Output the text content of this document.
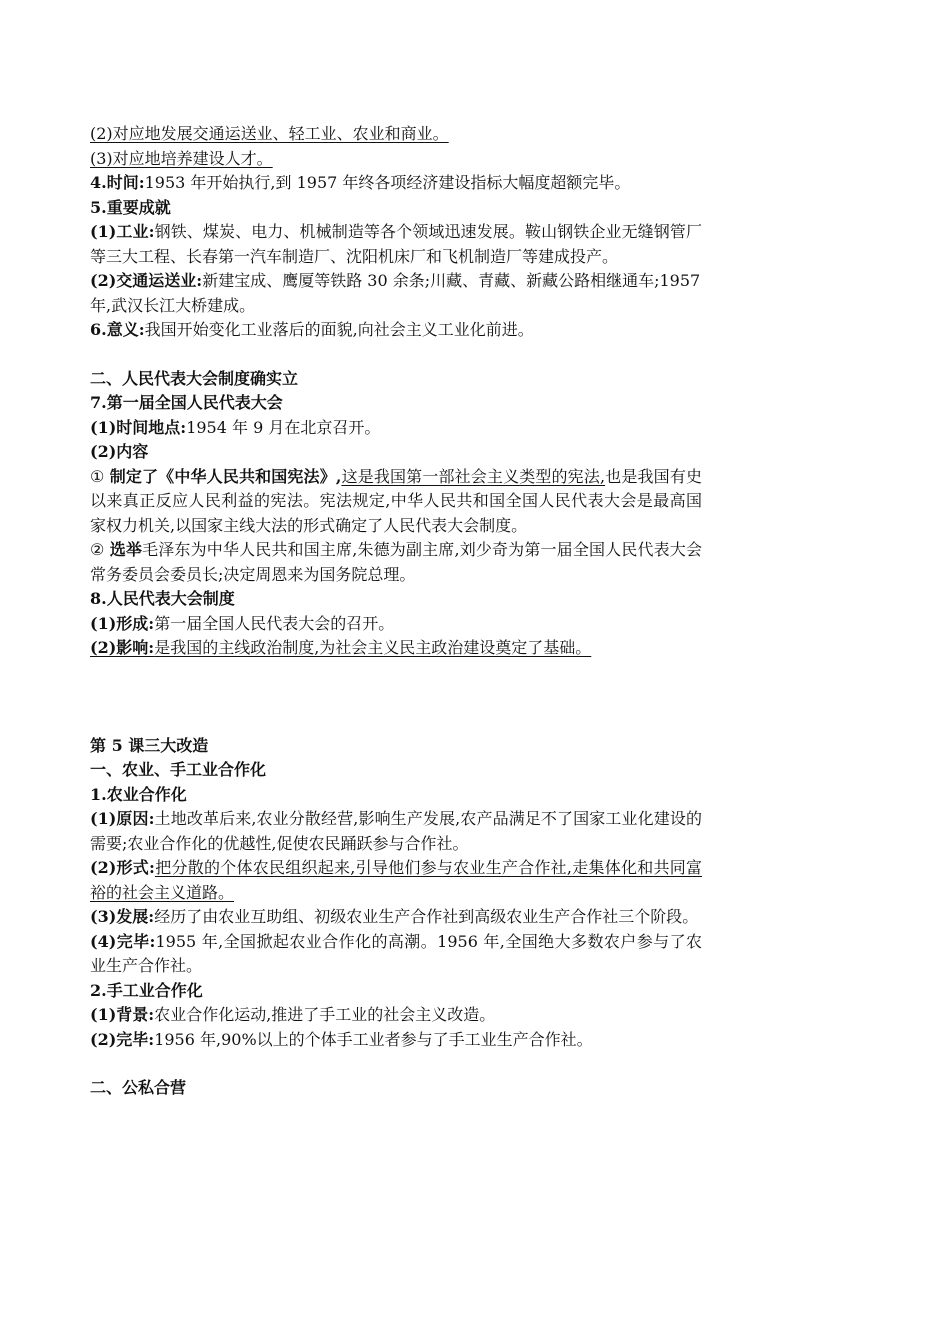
(2)对应地发展交通运送业、轻工业、农业和商业。
(3)对应地培养建设人才。
4.时间:1953 年开始执行,到 1957 年终各项经济建设指标大幅度超额完毕。
5.重要成就
(1)工业:钢铁、煤炭、电力、机械制造等各个领域迅速发展。鞍山钢铁企业无缝钢管厂等三大工程、长春第一汽车制造厂、沈阳机床厂和飞机制造厂等建成投产。
(2)交通运送业:新建宝成、鹰厦等铁路 30 余条;川藏、青藏、新藏公路相继通车;1957
年,武汉长江大桥建成。
6.意义:我国开始变化工业落后的面貌,向社会主义工业化前进。
二、人民代表大会制度确实立
7.第一届全国人民代表大会
(1)时间地点:1954 年 9 月在北京召开。
(2)内容
① 制定了《中华人民共和国宪法》,这是我国第一部社会主义类型的宪法,也是我国有史以来真正反应人民利益的宪法。宪法规定,中华人民共和国全国人民代表大会是最高国家权力机关,以国家主线大法的形式确定了人民代表大会制度。
② 选举毛泽东为中华人民共和国主席,朱德为副主席,刘少奇为第一届全国人民代表大会常务委员会委员长;决定周恩来为国务院总理。
8.人民代表大会制度
(1)形成:第一届全国人民代表大会的召开。
(2)影响:是我国的主线政治制度,为社会主义民主政治建设奠定了基础。
第 5 课三大改造
一、农业、手工业合作化
1.农业合作化
(1)原因:土地改革后来,农业分散经营,影响生产发展,农产品满足不了国家工业化建设的需要;农业合作化的优越性,促使农民踊跃参与合作社。
(2)形式:把分散的个体农民组织起来,引导他们参与农业生产合作社,走集体化和共同富裕的社会主义道路。
(3)发展:经历了由农业互助组、初级农业生产合作社到高级农业生产合作社三个阶段。
(4)完毕:1955 年,全国掀起农业合作化的高潮。1956 年,全国绝大多数农户参与了农业生产合作社。
2.手工业合作化
(1)背景:农业合作化运动,推进了手工业的社会主义改造。
(2)完毕:1956 年,90%以上的个体手工业者参与了手工业生产合作社。
二、公私合营
